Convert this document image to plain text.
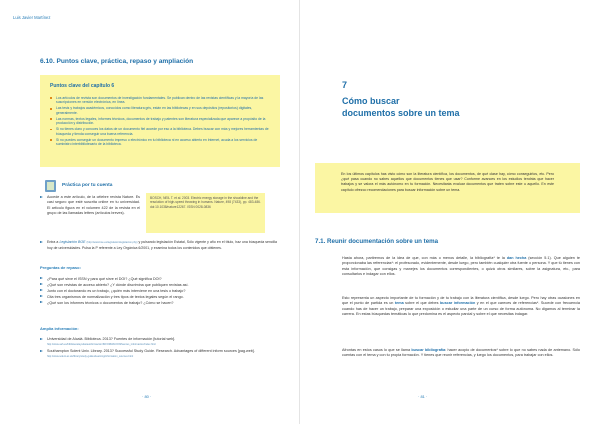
Luis Javier Martínez
6.10. Puntos clave, práctica, repaso y ampliación
Puntos clave del capítulo 6
Los artículos de revista son documentos de investigación fundamentales. Se publican dentro de las revistas científicas y la mayoría de las suscripciones en versión electrónica, en línea.
Las tesis y trabajos académicos, conocidos como literatura gris, están en las bibliotecas y en sus depósitos (repositorios) digitales, generalmente.
Las normas, textos legales, informes técnicos, documentos de trabajo y patentes son literatura especializada que aparece a propósito de la producción y distribución.
Si no tienes claro y conoces los datos de un documento fiel accede por eso a la biblioteca. Debes buscar con más y mejores herramientas de búsqueda y tienda conseguir una buena referencia.
Si no puedes conseguir un documento impreso o electrónico en tu biblioteca ni en acceso abierto en Internet, acuda a los servicios de suministro interbibliotecario de la biblioteca.
Práctica por tu cuenta
Accede a este artículo, de la célebre revista Nature. Es casi seguro que esté suscrita online en tu universidad. El artículo figura en el volumen 422 de la revista en el grupo de las llamadas letters (artículos breves).
BOSCH, NEIL T. et al. 2003. Electric energy storage in the shoaldine and the resolution of high-speed throwing in humans. Nature, 498 (7433), pp. 483-486. doi:10.1038/nature12267. ISSN 0028-0836
Entra a Legislación BOE (http://www.boe.es/legislacion/legislacion.php) y pulsando legislación Estatal, Sólo vigente y año en el título, haz una búsqueda sencilla hoy de universidades. Pulsa la P referente a Ley Orgánica 6/2001, y examina todos los contenidos que obtienes.
Preguntas de repaso:
¿Para qué sirve el ISSN y para qué sirve el DOI? ¿Qué significa DOI?
¿Qué son revistas de acceso abierto? ¿Y dónde discrimina que publiquen revistas así.
Junto con el doctorando es un trabajo, ¿quién más interviene en una tesis o trabajo?
Cita tres organismos de normalización y tres tipos de textos legales según el rango.
¿Qué son los informes técnicos o documentos de trabajo? ¿Cómo se hacen?
Amplía información:
Universidad de Alcalá. Biblioteca. 2013? Fuentes de información [tutorial web].
http://www.uah.es/biblioteca/ayuda/autoformacion/INFORMACION/fuentes_informacion/index.html
Southampton Solent Univ. Library. 2013? Successful Study Guide. Research. Advantages of different inform sources [pag.web]. http://www.solent.ac.uk/library/study-guides/learning/information_sources.html
· 80 ·
7
Cómo buscar
documentos sobre un tema
En los últimos capítulos has visto cómo son la literatura científica, los documentos, de qué clase hay, cómo conseguirlos, etc. Pero ¿qué pasa cuando no sabes aquellos que documentos tienes que usar? Conforme avances en los estudios tendrás que hacer trabajos y se valora el más autónomo en tu formación. Necesitarás evaluar documentos que traten sobre este u aquello. En este capítulo ofrezco recomendaciones para buscar información sobre un tema.
7.1. Reunir documentación sobre un tema
Hasta ahora, partiremos de la idea de que, con más o menos detalle, la bibliografía* te la dan hecha (sección 5.1). Que alguien te proporcionaba las referencias*: el profesorado, evidentemente, desde luego, pero también cualquier otra fuente o persona. Y que tú tienes con esta información, que consigas y manejes los documentos correspondientes, o quizá otros similares, sobre la asignatura, etc., para consultarlos e indagar con ellos.
Esto representa un aspecto importante de tu formación y de tu trabajo con la literatura científica, desde luego. Pero hay otras ocasiones en que el punto de partida es un tema sobre el que debes buscar información y en el que careces de referencias*. Sucede con frecuencia cuando has de hacer un trabajo, preparar una exposición o estudiar una parte de un curso de forma autónoma. No digamos al terminar la carrera. En estas búsquedas temáticas lo que predomina es el aspecto parcial y sobre el que necesitas indagar.
Afrontas en estos casos lo que se llama buscar bibliografía: hacer acopio de documentos* sobre lo que no sabes nada de antemano. Sólo cuentas con el tema y con tu propia formación. Y tienes que reunir referencias, y luego los documentos, para trabajar con ellos.
· 81 ·
